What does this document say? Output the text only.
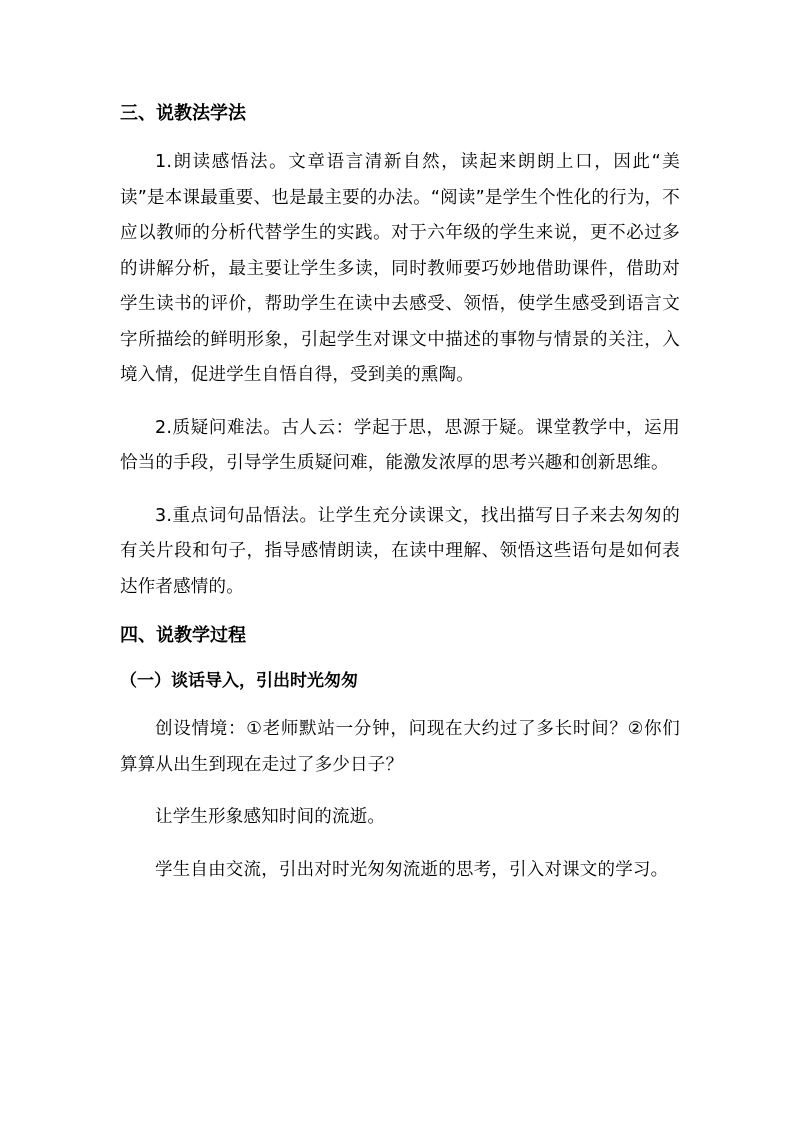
三、说教法学法

1.朗读感悟法。文章语言清新自然，读起来朗朗上口，因此“美读”是本课最重要、也是最主要的办法。“阅读”是学生个性化的行为，不应以教师的分析代替学生的实践。对于六年级的学生来说，更不必过多的讲解分析，最主要让学生多读，同时教师要巧妙地借助课件，借助对学生读书的评价，帮助学生在读中去感受、领悟，使学生感受到语言文字所描绘的鲜明形象，引起学生对课文中描述的事物与情景的关注，入境入情，促进学生自悟自得，受到美的熏陶。

2.质疑问难法。古人云：学起于思，思源于疑。课堂教学中，运用恰当的手段，引导学生质疑问难，能激发浓厚的思考兴趣和创新思维。

3.重点词句品悟法。让学生充分读课文，找出描写日子来去匆匆的有关片段和句子，指导感情朗读，在读中理解、领悟这些语句是如何表达作者感情的。

四、说教学过程
（一）谈话导入，引出时光匆匆

创设情境：①老师默站一分钟，问现在大约过了多长时间？②你们算算从出生到现在走过了多少日子？

让学生形象感知时间的流逝。

学生自由交流，引出对时光匆匆流逝的思考，引入对课文的学习。
